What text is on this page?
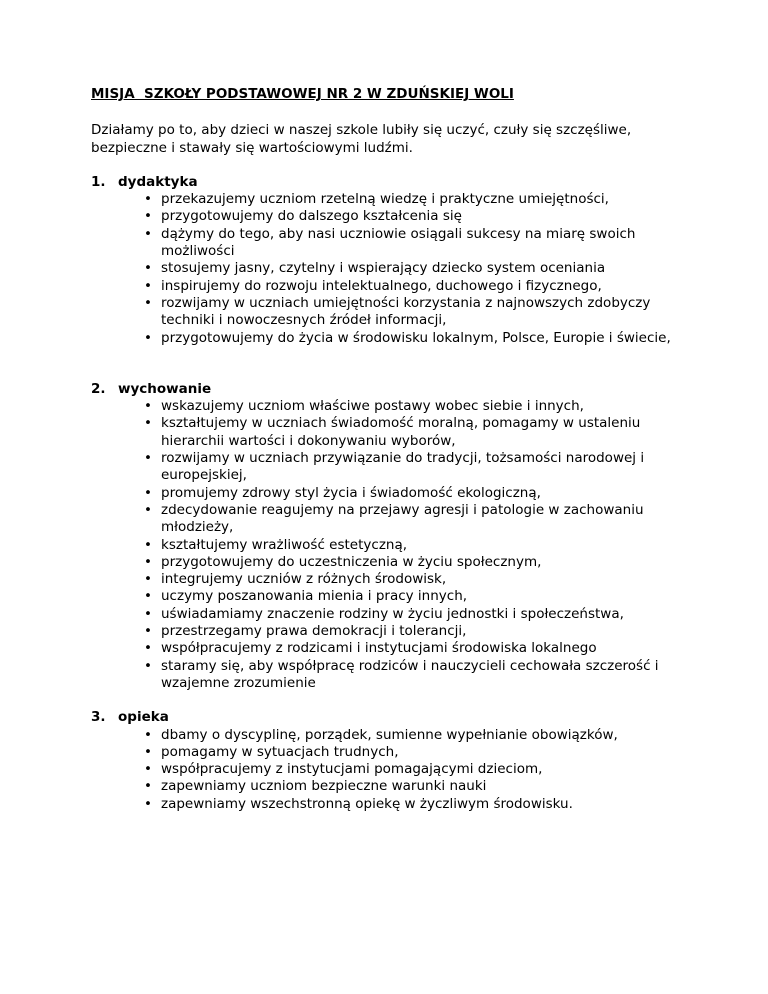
MISJA  SZKOŁY PODSTAWOWEJ NR 2 W ZDUŃSKIEJ WOLI

Działamy po to, aby dzieci w naszej szkole lubiły się uczyć, czuły się szczęśliwe, bezpieczne i stawały się wartościowymi ludźmi.

1. dydaktyka
• przekazujemy uczniom rzetelną wiedzę i praktyczne umiejętności,
• przygotowujemy do dalszego kształcenia się
• dążymy do tego, aby nasi uczniowie osiągali sukcesy na miarę swoich możliwości
• stosujemy jasny, czytelny i wspierający dziecko system oceniania
• inspirujemy do rozwoju intelektualnego, duchowego i fizycznego,
• rozwijamy w uczniach umiejętności korzystania z najnowszych zdobyczy techniki i nowoczesnych źródeł informacji,
• przygotowujemy do życia w środowisku lokalnym, Polsce, Europie i świecie,
2. wychowanie
• wskazujemy uczniom właściwe postawy wobec siebie i innych,
• kształtujemy w uczniach świadomość moralną, pomagamy w ustaleniu hierarchii wartości i dokonywaniu wyborów,
• rozwijamy w uczniach przywiązanie do tradycji, tożsamości narodowej i europejskiej,
• promujemy zdrowy styl życia i świadomość ekologiczną,
• zdecydowanie reagujemy na przejawy agresji i patologie w zachowaniu młodzieży,
• kształtujemy wrażliwość estetyczną,
• przygotowujemy do uczestniczenia w życiu społecznym,
• integrujemy uczniów z różnych środowisk,
• uczymy poszanowania mienia i pracy innych,
• uświadamiamy znaczenie rodziny w życiu jednostki i społeczeństwa,
• przestrzegamy prawa demokracji i tolerancji,
• współpracujemy z rodzicami i instytucjami środowiska lokalnego
• staramy się, aby współpracę rodziców i nauczycieli cechowała szczerość i wzajemne zrozumienie
3. opieka
• dbamy o dyscyplinę, porządek, sumienne wypełnianie obowiązków,
• pomagamy w sytuacjach trudnych,
• współpracujemy z instytucjami pomagającymi dzieciom,
• zapewniamy uczniom bezpieczne warunki nauki
• zapewniamy wszechstronną opiekę w życzliwym środowisku.
